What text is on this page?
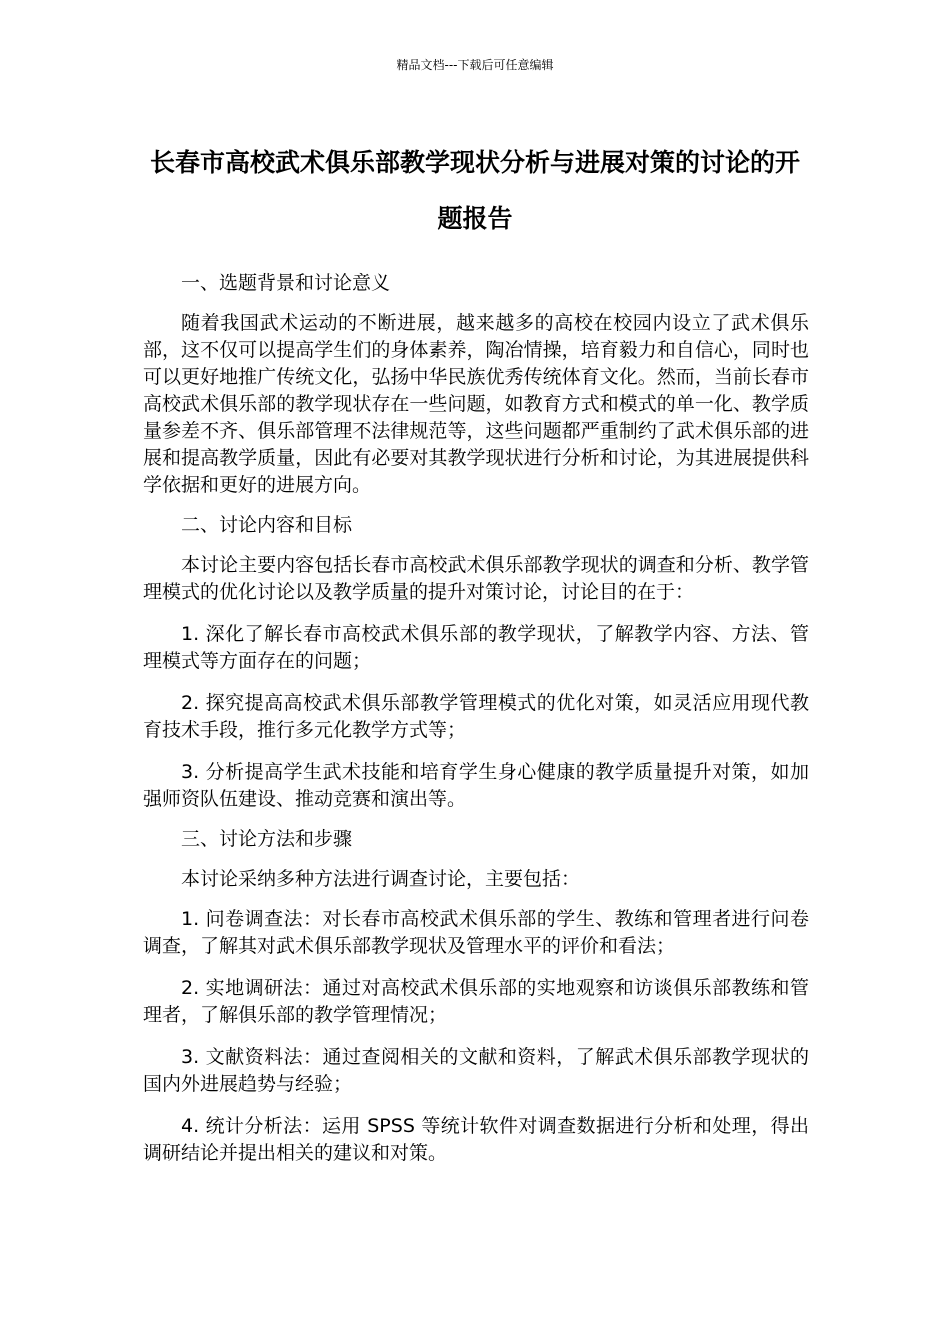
精品文档---下载后可任意编辑
长春市高校武术俱乐部教学现状分析与进展对策的讨论的开题报告

一、选题背景和讨论意义

随着我国武术运动的不断进展，越来越多的高校在校园内设立了武术俱乐部，这不仅可以提高学生们的身体素养，陶冶情操，培育毅力和自信心，同时也可以更好地推广传统文化，弘扬中华民族优秀传统体育文化。然而，当前长春市高校武术俱乐部的教学现状存在一些问题，如教育方式和模式的单一化、教学质量参差不齐、俱乐部管理不法律规范等，这些问题都严重制约了武术俱乐部的进展和提高教学质量，因此有必要对其教学现状进行分析和讨论，为其进展提供科学依据和更好的进展方向。

二、讨论内容和目标

本讨论主要内容包括长春市高校武术俱乐部教学现状的调查和分析、教学管理模式的优化讨论以及教学质量的提升对策讨论，讨论目的在于：

1. 深化了解长春市高校武术俱乐部的教学现状，了解教学内容、方法、管理模式等方面存在的问题；

2. 探究提高高校武术俱乐部教学管理模式的优化对策，如灵活应用现代教育技术手段，推行多元化教学方式等；

3. 分析提高学生武术技能和培育学生身心健康的教学质量提升对策，如加强师资队伍建设、推动竞赛和演出等。

三、讨论方法和步骤

本讨论采纳多种方法进行调查讨论，主要包括：

1. 问卷调查法：对长春市高校武术俱乐部的学生、教练和管理者进行问卷调查，了解其对武术俱乐部教学现状及管理水平的评价和看法；

2. 实地调研法：通过对高校武术俱乐部的实地观察和访谈俱乐部教练和管理者，了解俱乐部的教学管理情况；

3. 文献资料法：通过查阅相关的文献和资料，了解武术俱乐部教学现状的国内外进展趋势与经验；

4. 统计分析法：运用 SPSS 等统计软件对调查数据进行分析和处理，得出调研结论并提出相关的建议和对策。
